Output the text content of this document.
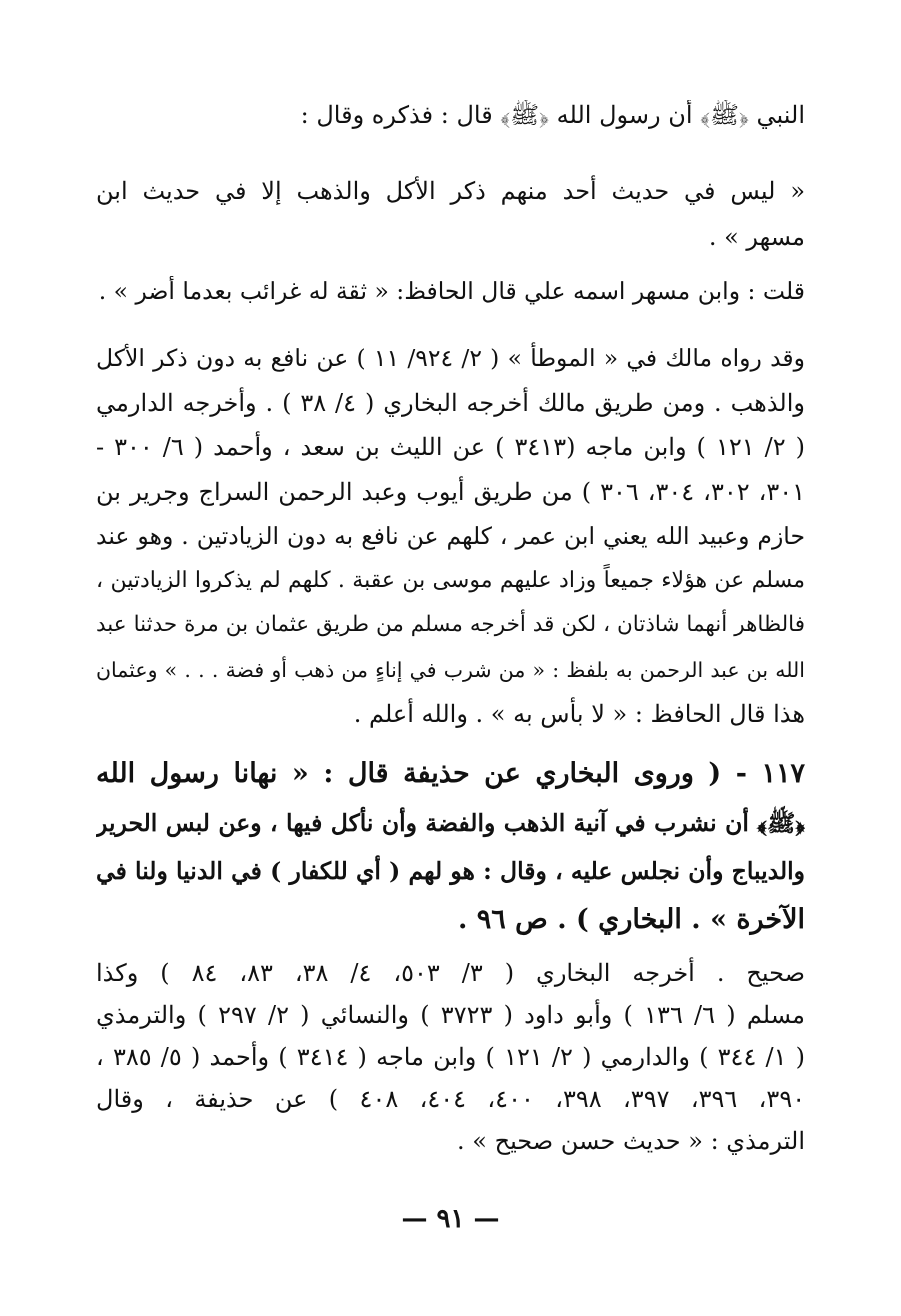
النبي ﴿ﷺ﴾ أن رسول الله ﴿ﷺ﴾ قال : فذكره وقال :
« ليس في حديث أحد منهم ذكر الأكل والذهب إلا في حديث ابن
مسهر » .
قلت : وابن مسهر اسمه علي قال الحافظ: « ثقة له غرائب بعدما أضر » .
وقد رواه مالك في « الموطأ » ( ٢/ ٩٢٤/ ١١ ) عن نافع به دون ذكر الأكل
والذهب . ومن طريق مالك أخرجه البخاري ( ٤/ ٣٨ ) . وأخرجه الدارمي
( ٢/ ١٢١ ) وابن ماجه (٣٤١٣ ) عن الليث بن سعد ، وأحمد ( ٦/ ٣٠٠ -
٣٠١، ٣٠٢، ٣٠٤، ٣٠٦ ) من طريق أيوب وعبد الرحمن السراج وجرير بن
حازم وعبيد الله يعني ابن عمر ، كلهم عن نافع به دون الزيادتين . وهو عند
مسلم عن هؤلاء جميعاً وزاد عليهم موسى بن عقبة . كلهم لم يذكروا الزيادتين ،
فالظاهر أنهما شاذتان ، لكن قد أخرجه مسلم من طريق عثمان بن مرة حدثنا عبد
الله بن عبد الرحمن به بلفظ : « من شرب في إناءٍ من ذهب أو فضة . . . » وعثمان
هذا قال الحافظ : « لا بأس به » . والله أعلم .
١١٧ - ( وروى البخاري عن حذيفة قال : « نهانا رسول الله
﴿ﷺ﴾ أن نشرب في آنية الذهب والفضة وأن نأكل فيها ، وعن لبس الحرير
والديباج وأن نجلس عليه ، وقال : هو لهم ( أي للكفار ) في الدنيا ولنا في
الآخرة » . البخاري ) . ص ٩٦ .
صحيح . أخرجه البخاري ( ٣/ ٥٠٣، ٤/ ٣٨، ٨٣، ٨٤ ) وكذا
مسلم ( ٦/ ١٣٦ ) وأبو داود ( ٣٧٢٣ ) والنسائي ( ٢/ ٢٩٧ ) والترمذي
( ١/ ٣٤٤ ) والدارمي ( ٢/ ١٢١ ) وابن ماجه ( ٣٤١٤ ) وأحمد ( ٥/ ٣٨٥ ،
٣٩٠، ٣٩٦، ٣٩٧، ٣٩٨، ٤٠٠، ٤٠٤، ٤٠٨ ) عن حذيفة ، وقال
الترمذي : « حديث حسن صحيح » .
— ٩١ —
